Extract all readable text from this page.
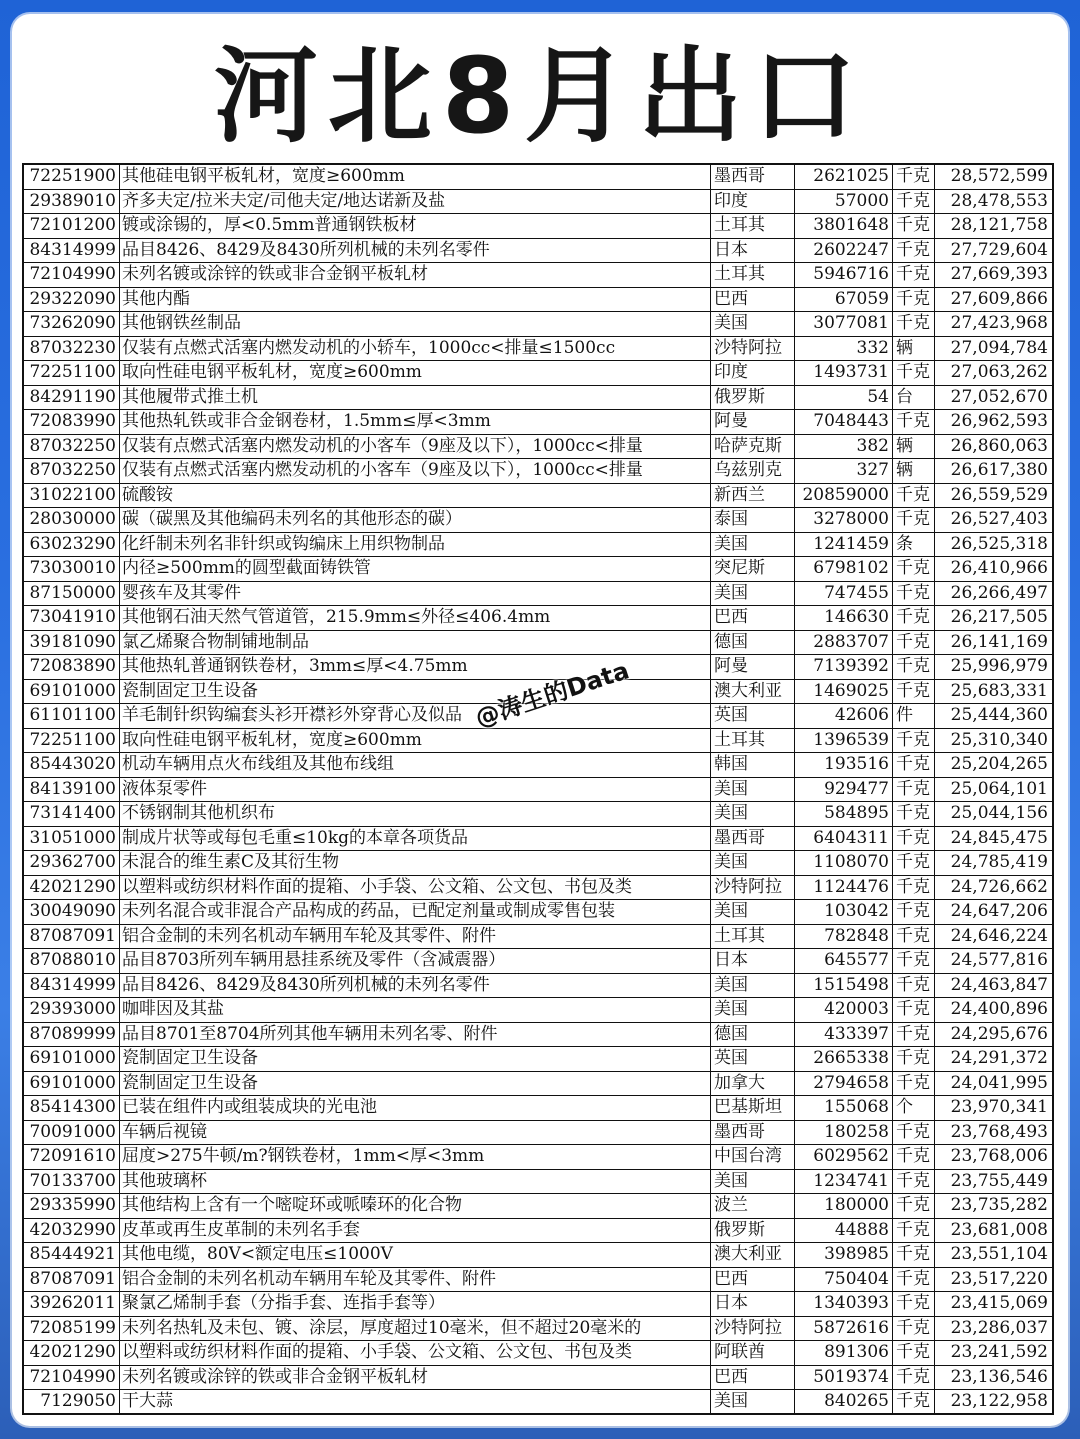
河北8月出口
72251900 其他硅电钢平板轧材，宽度≥600mm	墨西哥	2621025 千克	28,572,599
29389010 齐多夫定/拉米夫定/司他夫定/地达诺新及盐	印度	57000 千克	28,478,553
72101200 镀或涂锡的，厚<0.5mm普通钢铁板材	土耳其	3801648 千克	28,121,758
84314999 品目8426、8429及8430所列机械的未列名零件	日本	2602247 千克	27,729,604
72104990 未列名镀或涂锌的铁或非合金钢平板轧材	土耳其	5946716 千克	27,669,393
29322090 其他内酯	巴西	67059 千克	27,609,866
73262090 其他钢铁丝制品	美国	3077081 千克	27,423,968
87032230 仅装有点燃式活塞内燃发动机的小轿车，1000cc<排量≤1500cc	沙特阿拉	332 辆	27,094,784
72251100 取向性硅电钢平板轧材，宽度≥600mm	印度	1493731 千克	27,063,262
84291190 其他履带式推土机	俄罗斯	54 台	27,052,670
72083990 其他热轧铁或非合金钢卷材，1.5mm≤厚<3mm	阿曼	7048443 千克	26,962,593
87032250 仅装有点燃式活塞内燃发动机的小客车（9座及以下），1000cc<排量	哈萨克斯	382 辆	26,860,063
87032250 仅装有点燃式活塞内燃发动机的小客车（9座及以下），1000cc<排量	乌兹别克	327 辆	26,617,380
31022100 硫酸铵	新西兰	20859000 千克	26,559,529
28030000 碳（碳黑及其他编码未列名的其他形态的碳）	泰国	3278000 千克	26,527,403
63023290 化纤制未列名非针织或钩编床上用织物制品	美国	1241459 条	26,525,318
73030010 内径≥500mm的圆型截面铸铁管	突尼斯	6798102 千克	26,410,966
87150000 婴孩车及其零件	美国	747455 千克	26,266,497
73041910 其他钢石油天然气管道管，215.9mm≤外径≤406.4mm	巴西	146630 千克	26,217,505
39181090 氯乙烯聚合物制铺地制品	德国	2883707 千克	26,141,169
72083890 其他热轧普通钢铁卷材，3mm≤厚<4.75mm	阿曼	7139392 千克	25,996,979
69101000 瓷制固定卫生设备	澳大利亚	1469025 千克	25,683,331
61101100 羊毛制针织钩编套头衫开襟衫外穿背心及似品	英国	42606 件	25,444,360
72251100 取向性硅电钢平板轧材，宽度≥600mm	土耳其	1396539 千克	25,310,340
85443020 机动车辆用点火布线组及其他布线组	韩国	193516 千克	25,204,265
84139100 液体泵零件	美国	929477 千克	25,064,101
73141400 不锈钢制其他机织布	美国	584895 千克	25,044,156
31051000 制成片状等或每包毛重≤10kg的本章各项货品	墨西哥	6404311 千克	24,845,475
29362700 未混合的维生素C及其衍生物	美国	1108070 千克	24,785,419
42021290 以塑料或纺织材料作面的提箱、小手袋、公文箱、公文包、书包及类	沙特阿拉	1124476 千克	24,726,662
30049090 未列名混合或非混合产品构成的药品，已配定剂量或制成零售包装	美国	103042 千克	24,647,206
87087091 铝合金制的未列名机动车辆用车轮及其零件、附件	土耳其	782848 千克	24,646,224
87088010 品目8703所列车辆用悬挂系统及零件（含减震器）	日本	645577 千克	24,577,816
84314999 品目8426、8429及8430所列机械的未列名零件	美国	1515498 千克	24,463,847
29393000 咖啡因及其盐	美国	420003 千克	24,400,896
87089999 品目8701至8704所列其他车辆用未列名零、附件	德国	433397 千克	24,295,676
69101000 瓷制固定卫生设备	英国	2665338 千克	24,291,372
69101000 瓷制固定卫生设备	加拿大	2794658 千克	24,041,995
85414300 已装在组件内或组装成块的光电池	巴基斯坦	155068 个	23,970,341
70091000 车辆后视镜	墨西哥	180258 千克	23,768,493
72091610 屈度>275牛顿/m?钢铁卷材，1mm<厚<3mm	中国台湾	6029562 千克	23,768,006
70133700 其他玻璃杯	美国	1234741 千克	23,755,449
29335990 其他结构上含有一个嘧啶环或哌嗪环的化合物	波兰	180000 千克	23,735,282
42032990 皮革或再生皮革制的未列名手套	俄罗斯	44888 千克	23,681,008
85444921 其他电缆，80V<额定电压≤1000V	澳大利亚	398985 千克	23,551,104
87087091 铝合金制的未列名机动车辆用车轮及其零件、附件	巴西	750404 千克	23,517,220
39262011 聚氯乙烯制手套（分指手套、连指手套等）	日本	1340393 千克	23,415,069
72085199 未列名热轧及未包、镀、涂层，厚度超过10毫米，但不超过20毫米的	沙特阿拉	5872616 千克	23,286,037
42021290 以塑料或纺织材料作面的提箱、小手袋、公文箱、公文包、书包及类	阿联酋	891306 千克	23,241,592
72104990 未列名镀或涂锌的铁或非合金钢平板轧材	巴西	5019374 千克	23,136,546
7129050 干大蒜	美国	840265 千克	23,122,958
@涛生的Data
